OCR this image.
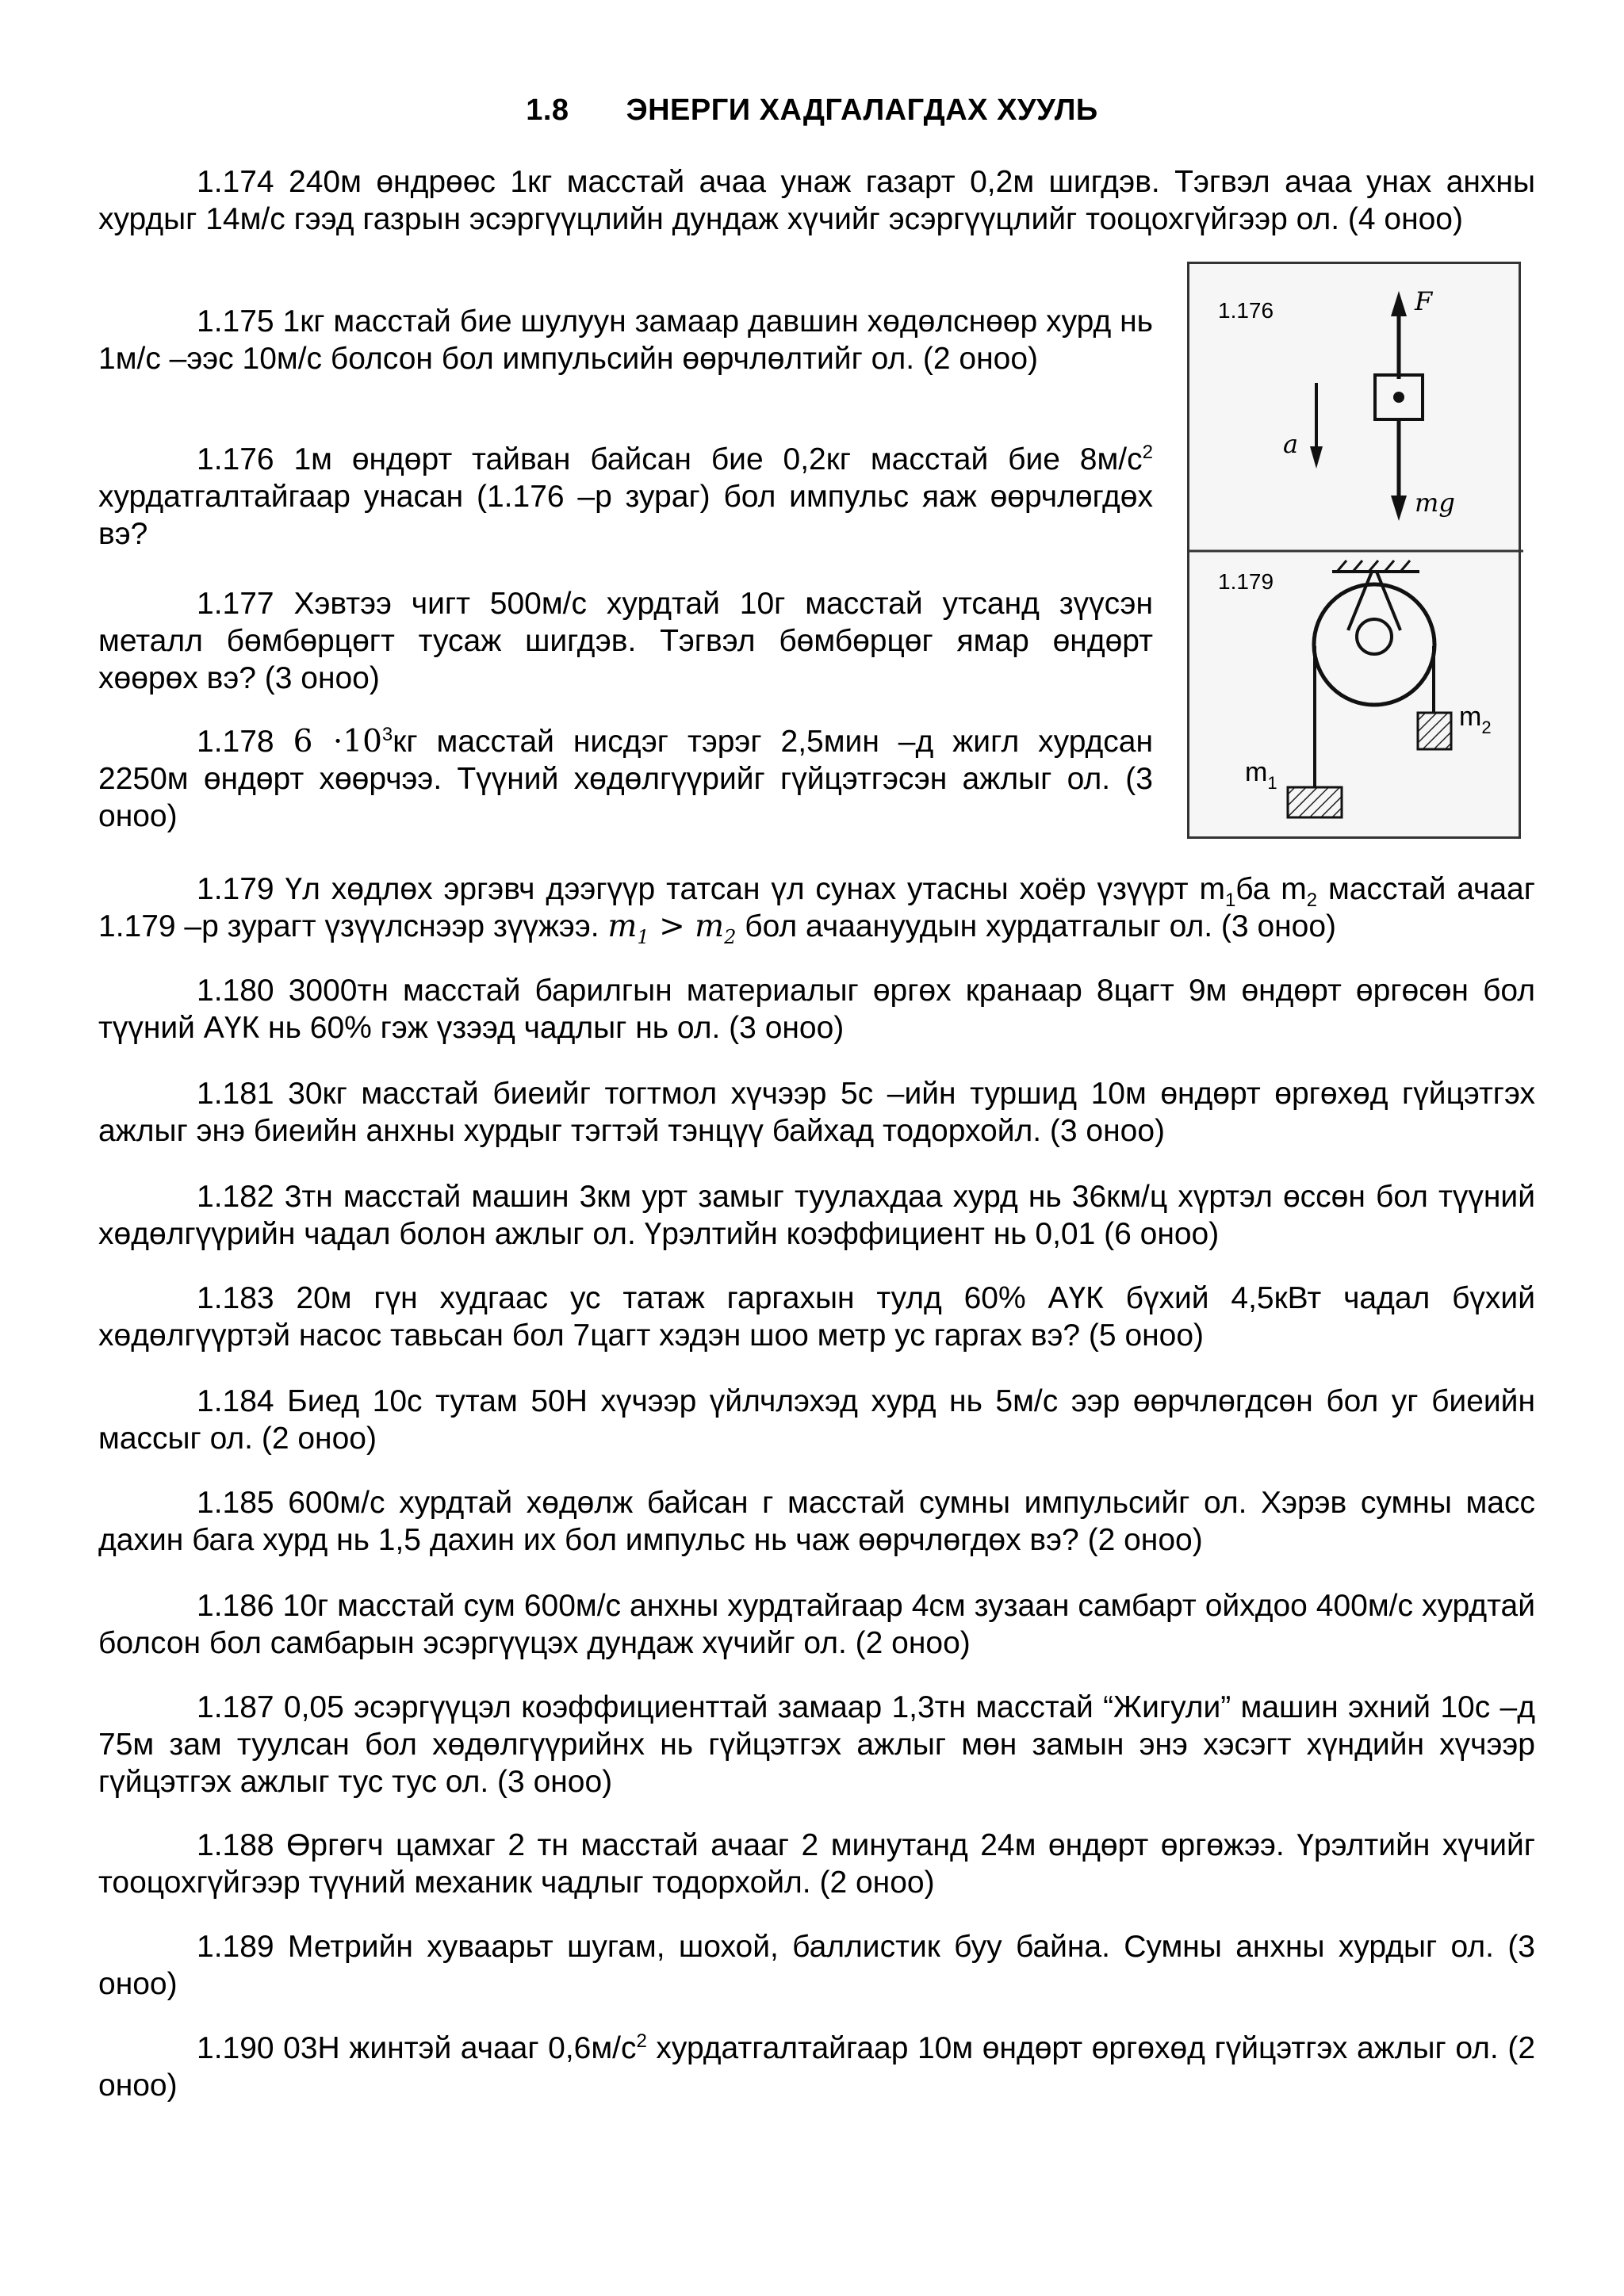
1.8 ЭНЕРГИ ХАДГАЛАГДАХ ХУУЛЬ

1.174 240м өндрөөс 1кг масстай ачаа унаж газарт 0,2м шигдэв. Тэгвэл ачаа унах анхны хурдыг 14м/с гээд газрын эсэргүүцлийн дундаж хүчийг эсэргүүцлийг тооцохгүйгээр ол. (4 оноо)

1.175 1кг масстай бие шулуун замаар давшин хөдөлснөөр хурд нь 1м/с –ээс 10м/с болсон бол импульсийн өөрчлөлтийг ол. (2 оноо)

1.176 1м өндөрт тайван байсан бие 0,2кг масстай бие $8м/с^2$ хурдатгалтайгаар унасан (1.176 –р зураг) бол импульс яаж өөрчлөгдөх вэ?

1.177 Хэвтээ чигт 500м/с хурдтай 10г масстай утсанд зүүсэн металл бөмбөрцөгт тусаж шигдэв. Тэгвэл бөмбөрцөг ямар өндөрт хөөрөх вэ? (3 оноо)

1.178 $6 \cdot 10^3кг$ масстай нисдэг тэрэг 2,5мин –д жигл хурдсан 2250м өндөрт хөөрчээ. Түүний хөдөлгүүрийг гүйцэтгэсэн ажлыг ол. (3 оноо)

1.179 Үл хөдлөх эргэвч дээгүүр татсан үл сунах утасны хоёр үзүүрт $m_1ба$ $m_2$ масстай ачааг 1.179 –р зурагт үзүүлснээр зүүжээ. $m_1 > m_2$ бол ачаануудын хурдатгалыг ол. (3 оноо)

1.180 3000тн масстай барилгын материалыг өргөх кранаар 8цагт 9м өндөрт өргөсөн бол түүний АҮК нь 60% гэж үзээд чадлыг нь ол. (3 оноо)

1.181 30кг масстай биеийг тогтмол хүчээр 5с –ийн туршид 10м өндөрт өргөхөд гүйцэтгэх ажлыг энэ биеийн анхны хурдыг тэгтэй тэнцүү байхад тодорхойл. (3 оноо)

1.182 3тн масстай машин 3км урт замыг туулахдаа хурд нь 36км/ц хүртэл өссөн бол түүний хөдөлгүүрийн чадал болон ажлыг ол. Үрэлтийн коэффициент нь 0,01 (6 оноо)

1.183 20м гүн худгаас ус татаж гаргахын тулд 60% АҮК бүхий 4,5кВт чадал бүхий хөдөлгүүртэй насос тавьсан бол 7цагт хэдэн шоо метр ус гаргах вэ? (5 оноо)

1.184 Биед 10с тутам 50Н хүчээр үйлчлэхэд хурд нь 5м/с ээр өөрчлөгдсөн бол уг биеийн массыг ол. (2 оноо)

1.185 600м/с хурдтай хөдөлж байсан г масстай сумны импульсийг ол. Хэрэв сумны масс дахин бага хурд нь 1,5 дахин их бол импульс нь чаж өөрчлөгдөх вэ? (2 оноо)

1.186 10г масстай сум 600м/с анхны хурдтайгаар 4см зузаан самбарт ойхдоо 400м/с хурдтай болсон бол самбарын эсэргүүцэх дундаж хүчийг ол. (2 оноо)

1.187 0,05 эсэргүүцэл коэффициенттай замаар 1,3тн масстай “Жигули” машин эхний 10с –д 75м зам туулсан бол хөдөлгүүрийнх нь гүйцэтгэх ажлыг мөн замын энэ хэсэгт хүндийн хүчээр гүйцэтгэх ажлыг тус тус ол. (3 оноо)

1.188 Өргөгч цамхаг 2 тн масстай ачааг 2 минутанд 24м өндөрт өргөжээ. Үрэлтийн хүчийг тооцохгүйгээр түүний механик чадлыг тодорхойл. (2 оноо)

1.189 Метрийн хуваарьт шугам, шохой, баллистик буу байна. Сумны анхны хурдыг ол. (3 оноо)

1.190 03Н жинтэй ачааг $0,6м/с^2$ хурдатгалтайгаар 10м өндөрт өргөхөд гүйцэтгэх ажлыг ол. (2 оноо)

1.176	F
a
mg
1.179
$m_2$
$m_1$
